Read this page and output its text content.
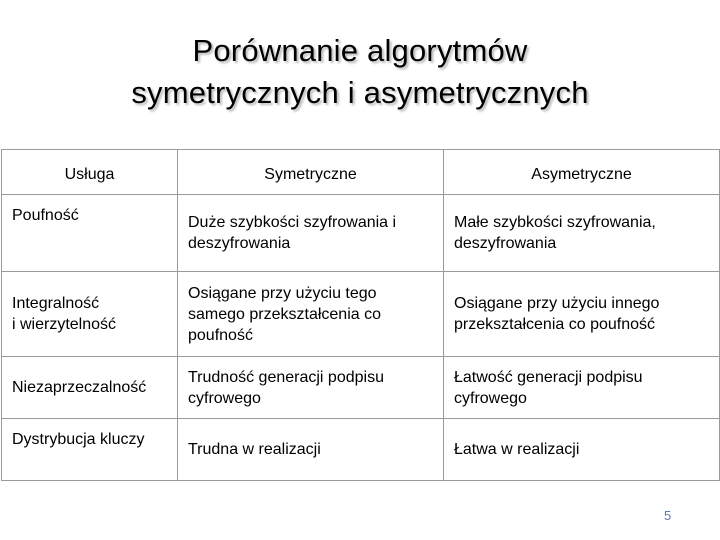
Porównanie algorytmów
symetrycznych i asymetrycznych
Usługa	Symetryczne	Asymetryczne
Poufność	Duże szybkości szyfrowania i deszyfrowania	Małe szybkości szyfrowania, deszyfrowania

Integralność
i wierzytelność	Osiągane przy użyciu tego samego przekształcenia co poufność	Osiągane przy użyciu innego przekształcenia co poufność
Niezaprzeczalność	Trudność generacji podpisu cyfrowego	Łatwość generacji podpisu cyfrowego
Dystrybucja kluczy	Trudna w realizacji	Łatwa w realizacji
5
